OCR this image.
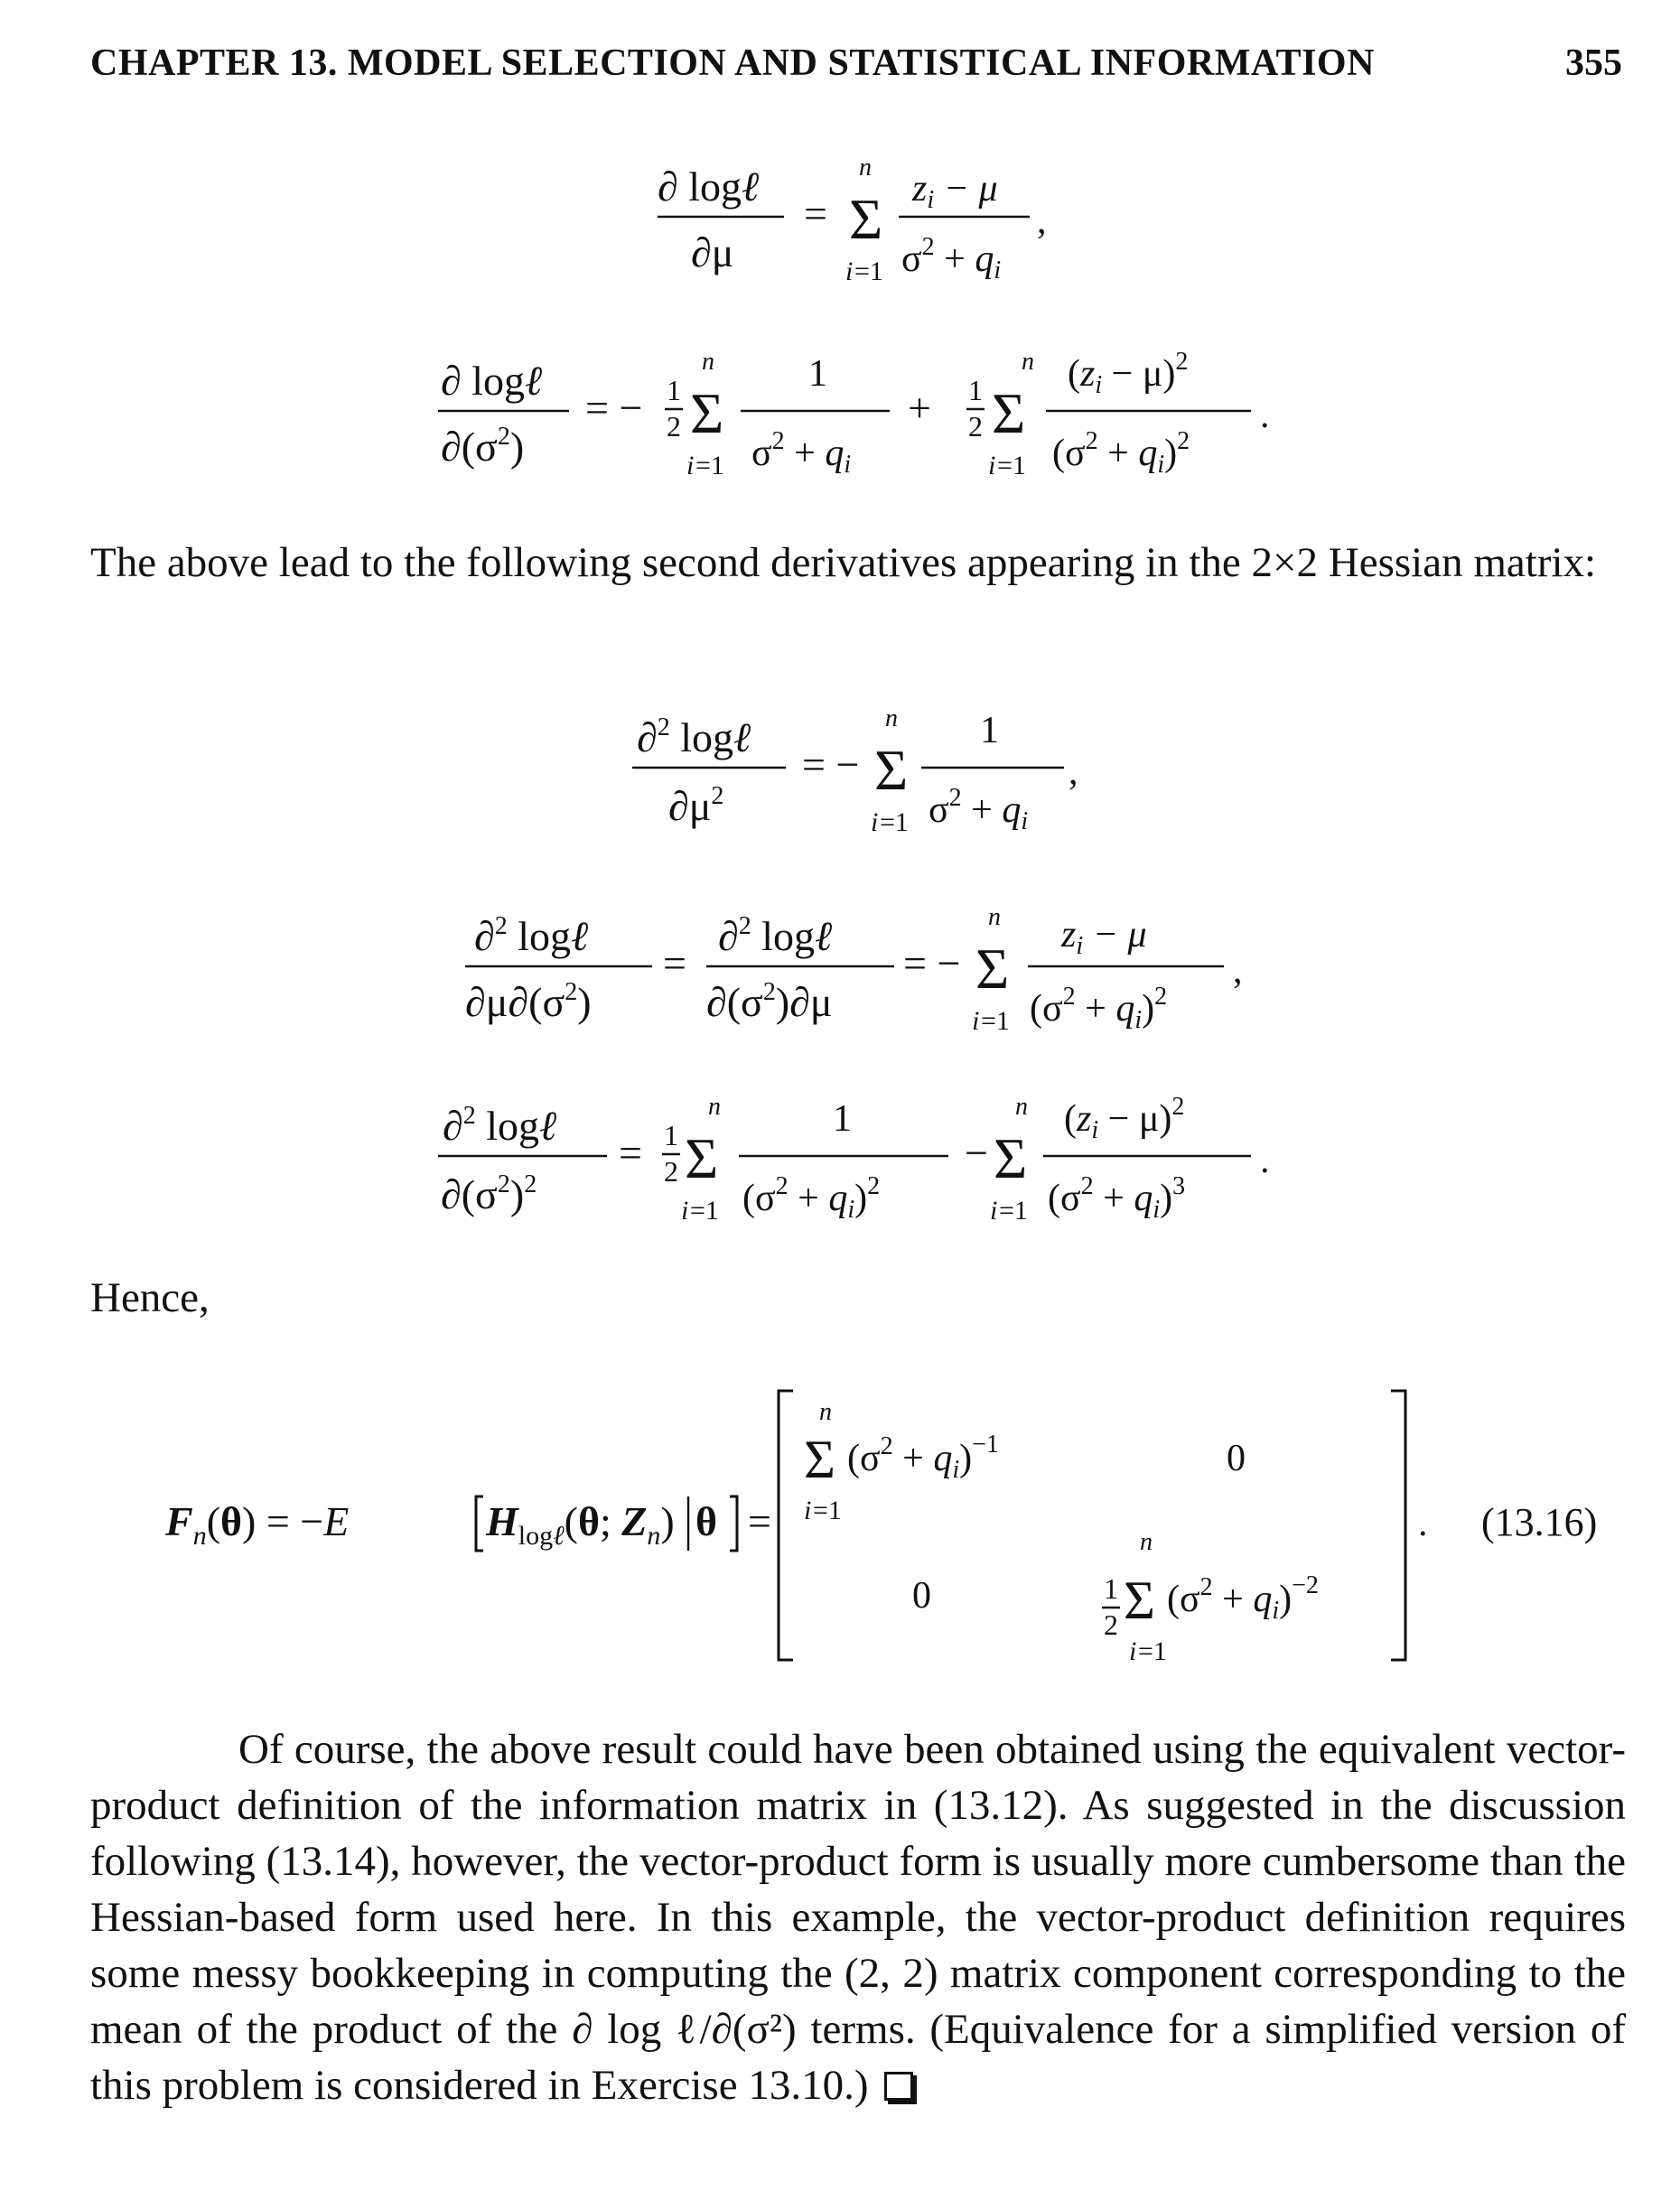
CHAPTER 13. MODEL SELECTION AND STATISTICAL INFORMATION	355
∂ logℓ
∂μ
=
n
Σ
i =1
zi − μ
$\sigma^2$ + qi
,
∂ logℓ
$\partial(\sigma^2)$
= − 1
2
n
Σ
i =1
1
$\sigma^2$ + qi
+ 1
2
n
Σ
i =1
(zi − μ)$^2$
$(\sigma^2 + qi)^2$
.

The above lead to the following second derivatives appearing in the 2×2 Hessian matrix:

∂$^2$ logℓ
$\partial\mu^2$
= −
n
Σ
i =1
1
$\sigma^2$ + qi
,
∂$^2$ logℓ
$\partial\mu\partial(\sigma^2)$
=
∂$^2$ logℓ
$\partial(\sigma^2)\partial\mu$
= −
n
Σ
i =1
zi − μ
$(\sigma^2 + qi)^2$
,
∂$^2$ logℓ
$\partial(\sigma^2)^2$
= 1
2
n
Σ
i =1
1
$(\sigma^2 + qi)^2$
−
n
Σ
i =1
(zi − μ)$^2$
$(\sigma^2 + qi)^3$
.
Hence,
$F_n(\theta) = -E$	$H_{log}\ell(\theta$; $Z_n$) θ =
n
Σ $(\sigma^2 + qi)^{-1}$
i =1
0
0
n
1
2 Σ $(\sigma^2 + qi)^{-2}$
i =1
. (13.16)

Of course, the above result could have been obtained using the equivalent vector-product definition of the information matrix in (13.12). As suggested in the discussion following (13.14), however, the vector-product form is usually more cumbersome than the Hessian-based form used here. In this example, the vector-product definition requires some messy bookkeeping in computing the (2, 2) matrix component corresponding to the mean of the product of the ∂ log ℓ/∂(σ²) terms. (Equivalence for a simplified version of this problem is considered in Exercise 13.10.)
